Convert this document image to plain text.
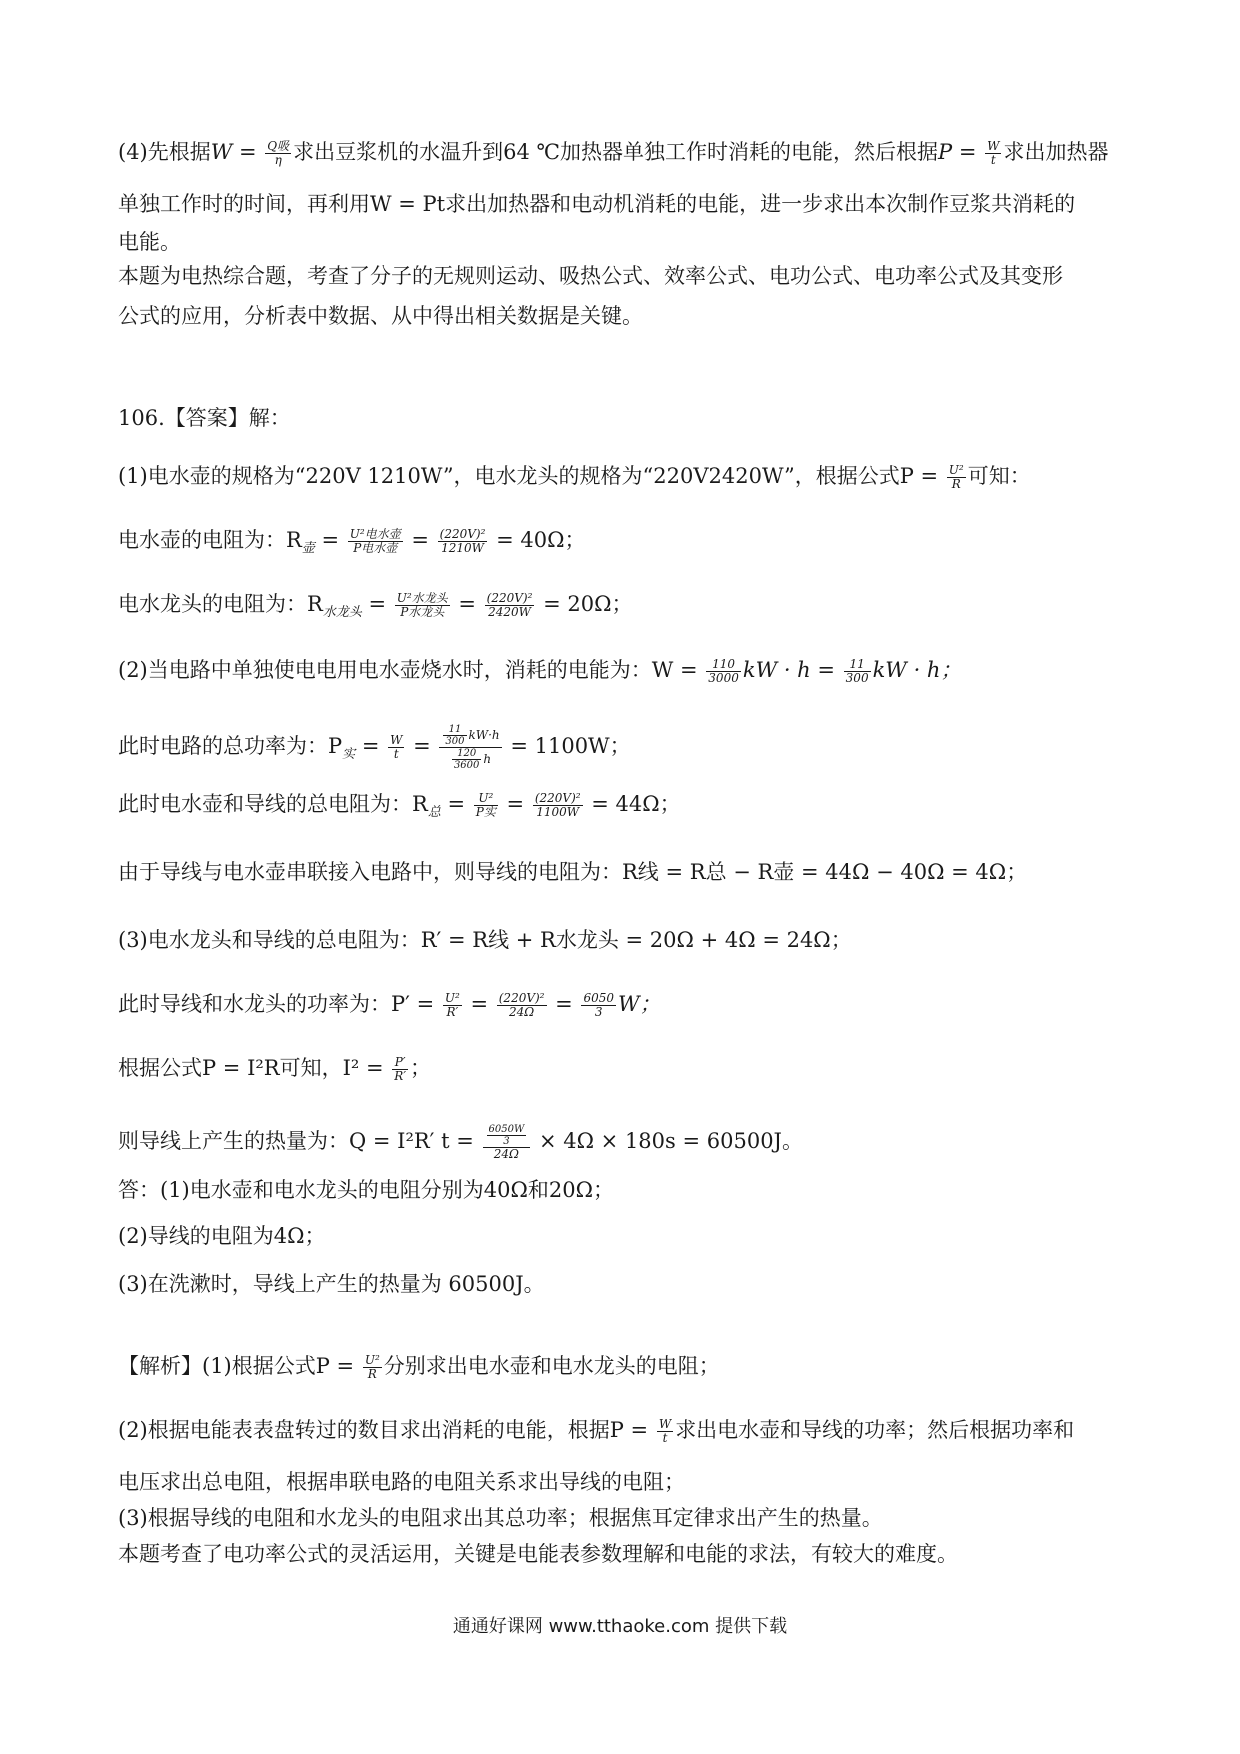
(4)先根据$W = \frac{\text{Q吸}}{\eta}$ 求出豆浆机的水温升到64 ℃加热器单独工作时消耗的电能，然后根据$P = \frac{W}{t}$ 求出加热器
单独工作时的时间，再利用W = Pt求出加热器和电动机消耗的电能，进一步求出本次制作豆浆共消耗的
电能。
本题为电热综合题，考查了分子的无规则运动、吸热公式、效率公式、电功公式、电功率公式及其变形
公式的应用，分析表中数据、从中得出相关数据是关键。
106.【答案】解：
(1)电水壶的规格为“220V 1210W”，电水龙头的规格为“220V2420W”，根据公式$P = \frac{\text{U²}}{R}$ 可知：
电水壶的电阻为：$R_壶 = \frac{\text{U²电水壶}}{\text{P电水壶}} = \frac{\text{(220V)²}}{1210W} = 40\Omega$；
电水龙头的电阻为：$R_{水龙头} = \frac{\text{U²水龙头}}{\text{P水龙头}} = \frac{\text{(220V)²}}{2420W} = 20\Omega$；
(2)当电路中单独使电电用电水壶烧水时，消耗的电能为：$W = \frac{110}{3000}$ kW · $h = \frac{11}{300}$ kW · h；
此时电路的总功率为：$P_实 = \frac{W}{t} = \frac{\frac{11}{300} kW\cdot h}{\frac{120}{3600} h} = 1100W$；
此时电水壶和导线的总电阻为：$R_总 = \frac{\text{U²}}{\text{P实}} = \frac{\text{(220V)²}}{1100W} = 44\Omega$；
由于导线与电水壶串联接入电路中，则导线的电阻为：R线 = R总 − R壶 = 44Ω − 40Ω = 4Ω；
(3)电水龙头和导线的总电阻为：R′ = R线 + R水龙头 = 20Ω + 4Ω = 24Ω；
此时导线和水龙头的功率为：$P' = \frac{\text{U²}}{R'} = \frac{\text{(220V)²}}{24\Omega} = \frac{6050}{3}$ W；
根据公式P = I²R可知，$I^2 = \frac{P'}{R'}$ ；
则导线上产生的热量为：Q = I²R′ $t = \frac{\frac{6050W}{3}}{24\Omega} \times 4\Omega \times 180s = 60500J$。
答：(1)电水壶和电水龙头的电阻分别为40Ω和20Ω；
(2)导线的电阻为4Ω；
(3)在洗漱时，导线上产生的热量为 60500J。
【解析】(1)根据公式$P = \frac{\text{U²}}{R}$ 分别求出电水壶和电水龙头的电阻；
(2)根据电能表表盘转过的数目求出消耗的电能，根据$P = \frac{W}{t}$ 求出电水壶和导线的功率；然后根据功率和
电压求出总电阻，根据串联电路的电阻关系求出导线的电阻；
(3)根据导线的电阻和水龙头的电阻求出其总功率；根据焦耳定律求出产生的热量。
本题考查了电功率公式的灵活运用，关键是电能表参数理解和电能的求法，有较大的难度。
通通好课网 www.tthaoke.com 提供下载
